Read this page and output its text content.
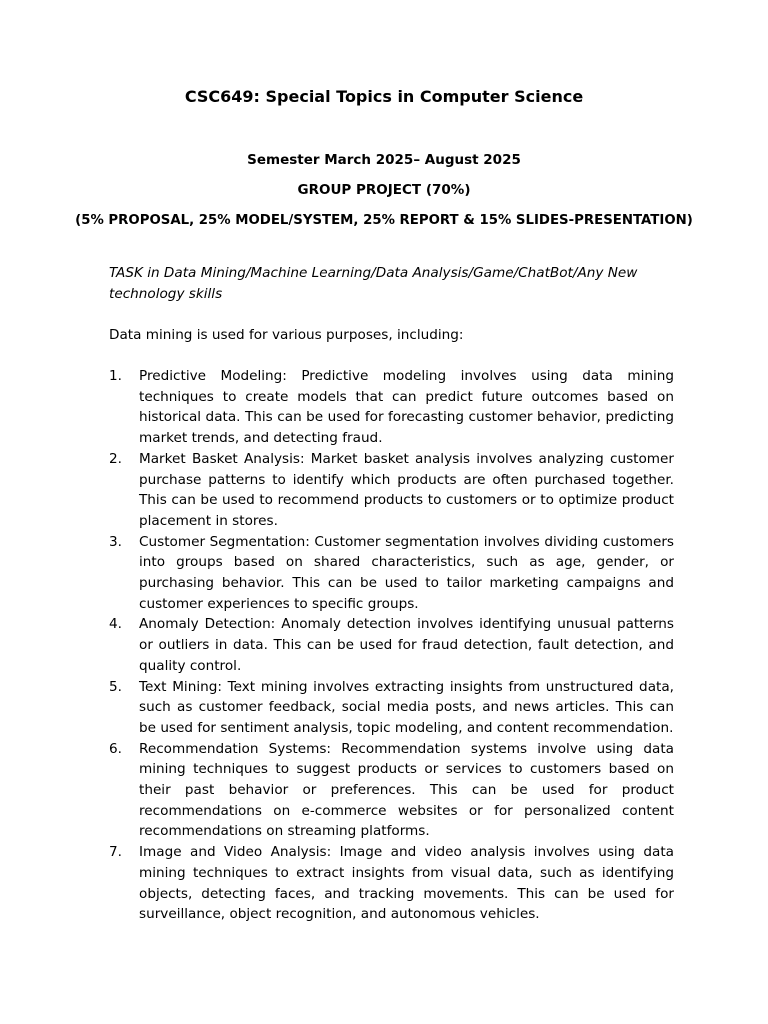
CSC649: Special Topics in Computer Science
Semester March 2025– August 2025
GROUP PROJECT (70%)
(5% PROPOSAL, 25% MODEL/SYSTEM, 25% REPORT & 15% SLIDES-PRESENTATION)
TASK in Data Mining/Machine Learning/Data Analysis/Game/ChatBot/Any New technology skills
Data mining is used for various purposes, including:
1. Predictive Modeling: Predictive modeling involves using data mining techniques to create models that can predict future outcomes based on historical data. This can be used for forecasting customer behavior, predicting market trends, and detecting fraud.
2. Market Basket Analysis: Market basket analysis involves analyzing customer purchase patterns to identify which products are often purchased together. This can be used to recommend products to customers or to optimize product placement in stores.
3. Customer Segmentation: Customer segmentation involves dividing customers into groups based on shared characteristics, such as age, gender, or purchasing behavior. This can be used to tailor marketing campaigns and customer experiences to specific groups.
4. Anomaly Detection: Anomaly detection involves identifying unusual patterns or outliers in data. This can be used for fraud detection, fault detection, and quality control.
5. Text Mining: Text mining involves extracting insights from unstructured data, such as customer feedback, social media posts, and news articles. This can be used for sentiment analysis, topic modeling, and content recommendation.
6. Recommendation Systems: Recommendation systems involve using data mining techniques to suggest products or services to customers based on their past behavior or preferences. This can be used for product recommendations on e-commerce websites or for personalized content recommendations on streaming platforms.
7. Image and Video Analysis: Image and video analysis involves using data mining techniques to extract insights from visual data, such as identifying objects, detecting faces, and tracking movements. This can be used for surveillance, object recognition, and autonomous vehicles.
